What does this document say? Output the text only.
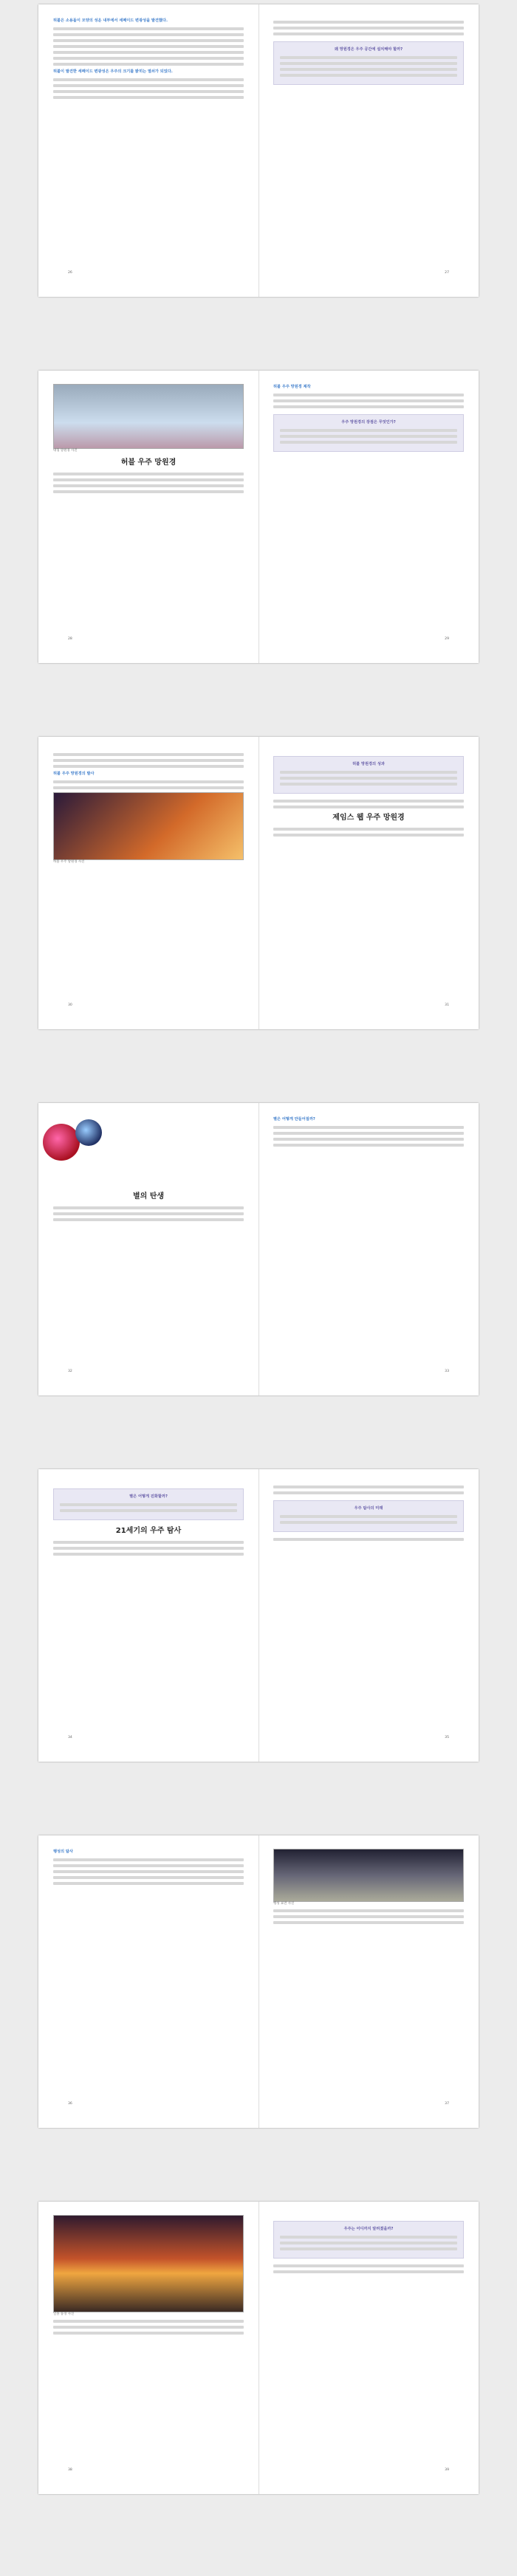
허블은 소용돌이 모양의 성운 내부에서 세페이드 변광성을 발견했다.
허블이 발견한 세페이드 변광성은 우주의 크기를 밝히는 열쇠가 되었다.
26
왜 망원경은 우주 공간에 설치해야 할까?
27
대형 망원경 사진
허블 우주 망원경
28
허블 우주 망원경 제작
우주 망원경의 장점은 무엇인가?
29
허블 우주 망원경의 발사
허블 우주 망원경 사진
30
허블 망원경의 성과
제임스 웹 우주 망원경
31
별의 탄생
32
별은 어떻게 만들어질까?
33
별은 어떻게 진화할까?
21세기의 우주 탐사
34
우주 탐사의 미래
35
행성의 탐사
36
행성 표면 사진
37
일몰 풍경 사진
38
우주는 어디까지 알려졌을까?
39
